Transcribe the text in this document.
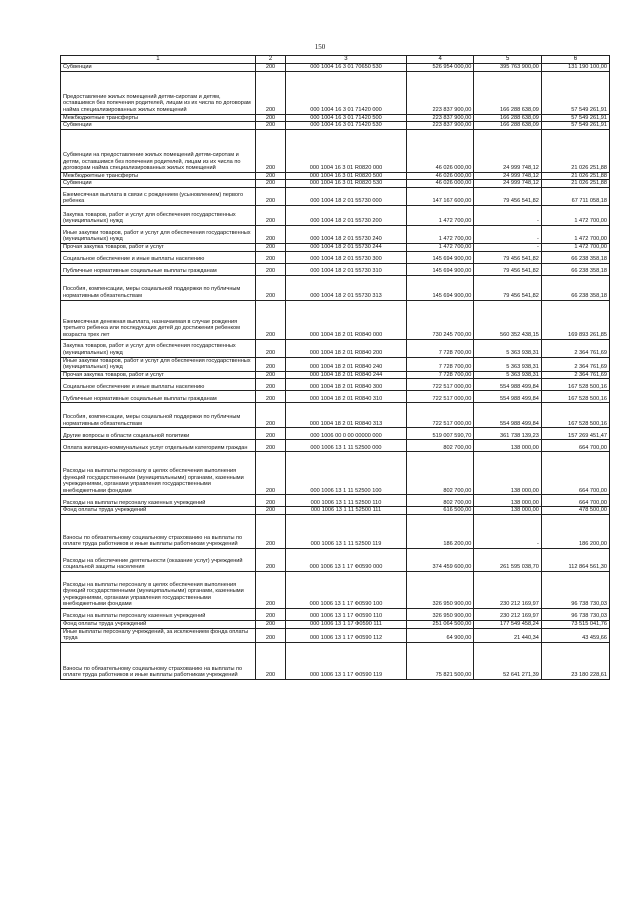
150
1	2	3	4	5	6
Субвенции	200	000 1004 16 3 01 70650 530	526 954 000,00	395 763 900,00	131 190 100,00
Предоставление жилых помещений детям-сиротам и детям, оставшимся без попечения родителей, лицам из их числа по договорам найма специализированных жилых помещений	200	000 1004 16 3 01 71420 000	223 837 900,00	166 288 638,09	57 549 261,91
Межбюджетные трансферты	200	000 1004 16 3 01 71420 500	223 837 900,00	166 288 638,09	57 549 261,91
Субвенции	200	000 1004 16 3 01 71420 530	223 837 900,00	166 288 638,09	57 549 261,91
Субвенции на предоставление жилых помещений детям-сиротам и детям, оставшимся без попечения родителей, лицам из их числа по договорам найма специализированных жилых помещений	200	000 1004 16 3 01 R0820 000	46 026 000,00	24 999 748,12	21 026 251,88
Межбюджетные трансферты	200	000 1004 16 3 01 R0820 500	46 026 000,00	24 999 748,12	21 026 251,88
Субвенции	200	000 1004 16 3 01 R0820 530	46 026 000,00	24 999 748,12	21 026 251,88
Ежемесячная выплата в связи с рождением (усыновлением) первого ребенка	200	000 1004 18 2 01 55730 000	147 167 600,00	79 456 541,82	67 711 058,18
Закупка товаров, работ и услуг для обеспечения государственных (муниципальных) нужд	200	000 1004 18 2 01 55730 200	1 472 700,00	-	1 472 700,00
Иные закупки товаров, работ и услуг для обеспечения государственных (муниципальных) нужд	200	000 1004 18 2 01 55730 240	1 472 700,00	-	1 472 700,00
Прочая закупка товаров, работ и услуг	200	000 1004 18 2 01 55730 244	1 472 700,00	-	1 472 700,00
Социальное обеспечение и иные выплаты населению	200	000 1004 18 2 01 55730 300	145 694 900,00	79 456 541,82	66 238 358,18
Публичные нормативные социальные выплаты гражданам	200	000 1004 18 2 01 55730 310	145 694 900,00	79 456 541,82	66 238 358,18
Пособия, компенсации, меры социальной поддержки по публичным нормативным обязательствам	200	000 1004 18 2 01 55730 313	145 694 900,00	79 456 541,82	66 238 358,18
Ежемесячная денежная выплата, назначаемая в случае рождения третьего ребенка или последующих детей до достижения ребенком возраста трех лет	200	000 1004 18 2 01 R0840 000	730 245 700,00	560 352 438,15	169 893 261,85
Закупка товаров, работ и услуг для обеспечения государственных (муниципальных) нужд	200	000 1004 18 2 01 R0840 200	7 728 700,00	5 363 938,31	2 364 761,69
Иные закупки товаров, работ и услуг для обеспечения государственных (муниципальных) нужд	200	000 1004 18 2 01 R0840 240	7 728 700,00	5 363 938,31	2 364 761,69
Прочая закупка товаров, работ и услуг	200	000 1004 18 2 01 R0840 244	7 728 700,00	5 363 938,31	2 364 761,69
Социальное обеспечение и иные выплаты населению	200	000 1004 18 2 01 R0840 300	722 517 000,00	554 988 499,84	167 528 500,16
Публичные нормативные социальные выплаты гражданам	200	000 1004 18 2 01 R0840 310	722 517 000,00	554 988 499,84	167 528 500,16
Пособия, компенсации, меры социальной поддержки по публичным нормативным обязательствам	200	000 1004 18 2 01 R0840 313	722 517 000,00	554 988 499,84	167 528 500,16
Другие вопросы в области социальной политики	200	000 1006 00 0 00 00000 000	519 007 590,70	361 738 139,23	157 269 451,47
Оплата жилищно-коммунальных услуг отдельным категориям граждан	200	000 1006 13 1 11 52500 000	802 700,00	138 000,00	664 700,00
Расходы на выплаты персоналу в целях обеспечения выполнения функций государственными (муниципальными) органами, казенными учреждениями, органами управления государственными внебюджетными фондами	200	000 1006 13 1 11 52500 100	802 700,00	138 000,00	664 700,00
Расходы на выплаты персоналу казенных учреждений	200	000 1006 13 1 11 52500 110	802 700,00	138 000,00	664 700,00
Фонд оплаты труда учреждений	200	000 1006 13 1 11 52500 111	616 500,00	138 000,00	478 500,00
Взносы по обязательному социальному страхованию на выплаты по оплате труда работников и иные выплаты работникам учреждений	200	000 1006 13 1 11 52500 119	186 200,00	-	186 200,00
Расходы на обеспечение деятельности (оказание услуг) учреждений социальной защиты населения	200	000 1006 13 1 17 Ф0590 000	374 459 600,00	261 595 038,70	112 864 561,30
Расходы на выплаты персоналу в целях обеспечения выполнения функций государственными (муниципальными) органами, казенными учреждениями, органами управления государственными внебюджетными фондами	200	000 1006 13 1 17 Ф0590 100	326 950 900,00	230 212 169,97	96 738 730,03
Расходы на выплаты персоналу казенных учреждений	200	000 1006 13 1 17 Ф0590 110	326 950 900,00	230 212 169,97	96 738 730,03
Фонд оплаты труда учреждений	200	000 1006 13 1 17 Ф0590 111	251 064 500,00	177 549 458,24	73 515 041,76
Иные выплаты персоналу учреждений, за исключением фонда оплаты труда	200	000 1006 13 1 17 Ф0590 112	64 900,00	21 440,34	43 459,66
Взносы по обязательному социальному страхованию на выплаты по оплате труда работников и иные выплаты работникам учреждений	200	000 1006 13 1 17 Ф0590 119	75 821 500,00	52 641 271,39	23 180 228,61
